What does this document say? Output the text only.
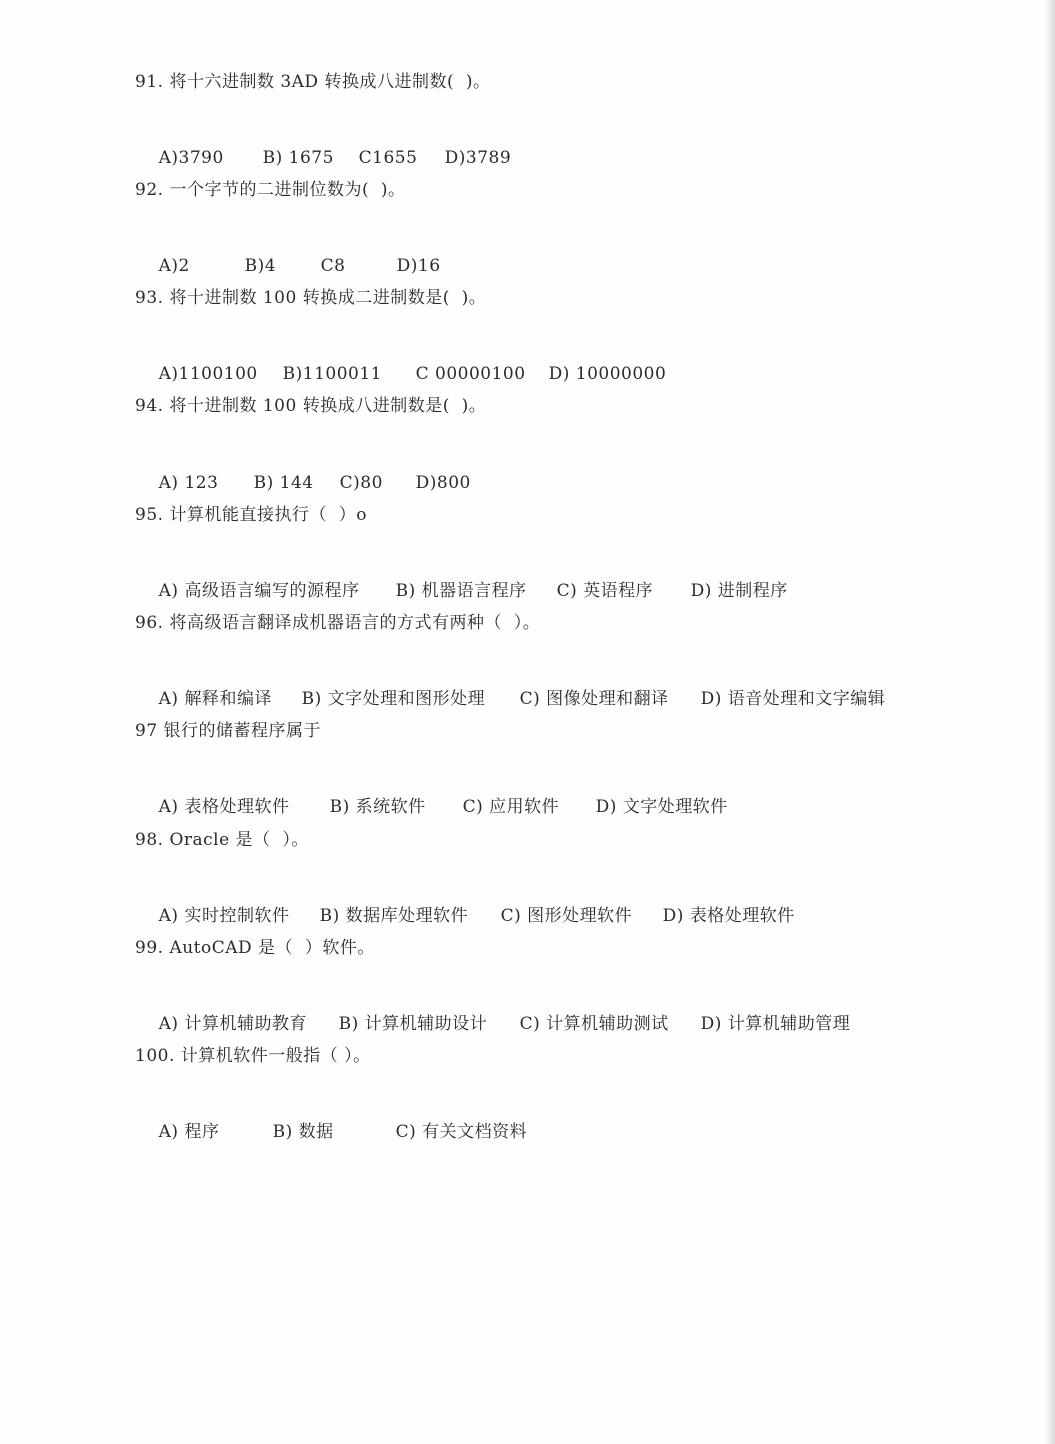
91. 将十六进制数 3AD 转换成八进制数(  )。

A)3790 B) 1675 C1655 D)3789

92. 一个字节的二进制位数为(  )。

A)2	B)4	C8	D)16

93. 将十进制数 100 转换成二进制数是(  )。

A)1100100 B)1100011 C 00000100 D) 10000000

94. 将十进制数 100 转换成八进制数是(  )。

A) 123 B) 144 C)80 D)800

95. 计算机能直接执行（  ）o

A) 高级语言编写的源程序 B) 机器语言程序 C) 英语程序 D) 进制程序

96. 将高级语言翻译成机器语言的方式有两种（  ）。

A) 解释和编译 B) 文字处理和图形处理 C) 图像处理和翻译 D) 语音处理和文字编辑

97 银行的储蓄程序属于

A) 表格处理软件 B) 系统软件 C) 应用软件 D) 文字处理软件

98. Oracle 是（  ）。

A) 实时控制软件 B) 数据库处理软件 C) 图形处理软件 D) 表格处理软件

99. AutoCAD 是（  ）软件。

A) 计算机辅助教育 B) 计算机辅助设计 C) 计算机辅助测试 D) 计算机辅助管理

100. 计算机软件一般指（ ）。

A) 程序	B) 数据	C) 有关文档资料
